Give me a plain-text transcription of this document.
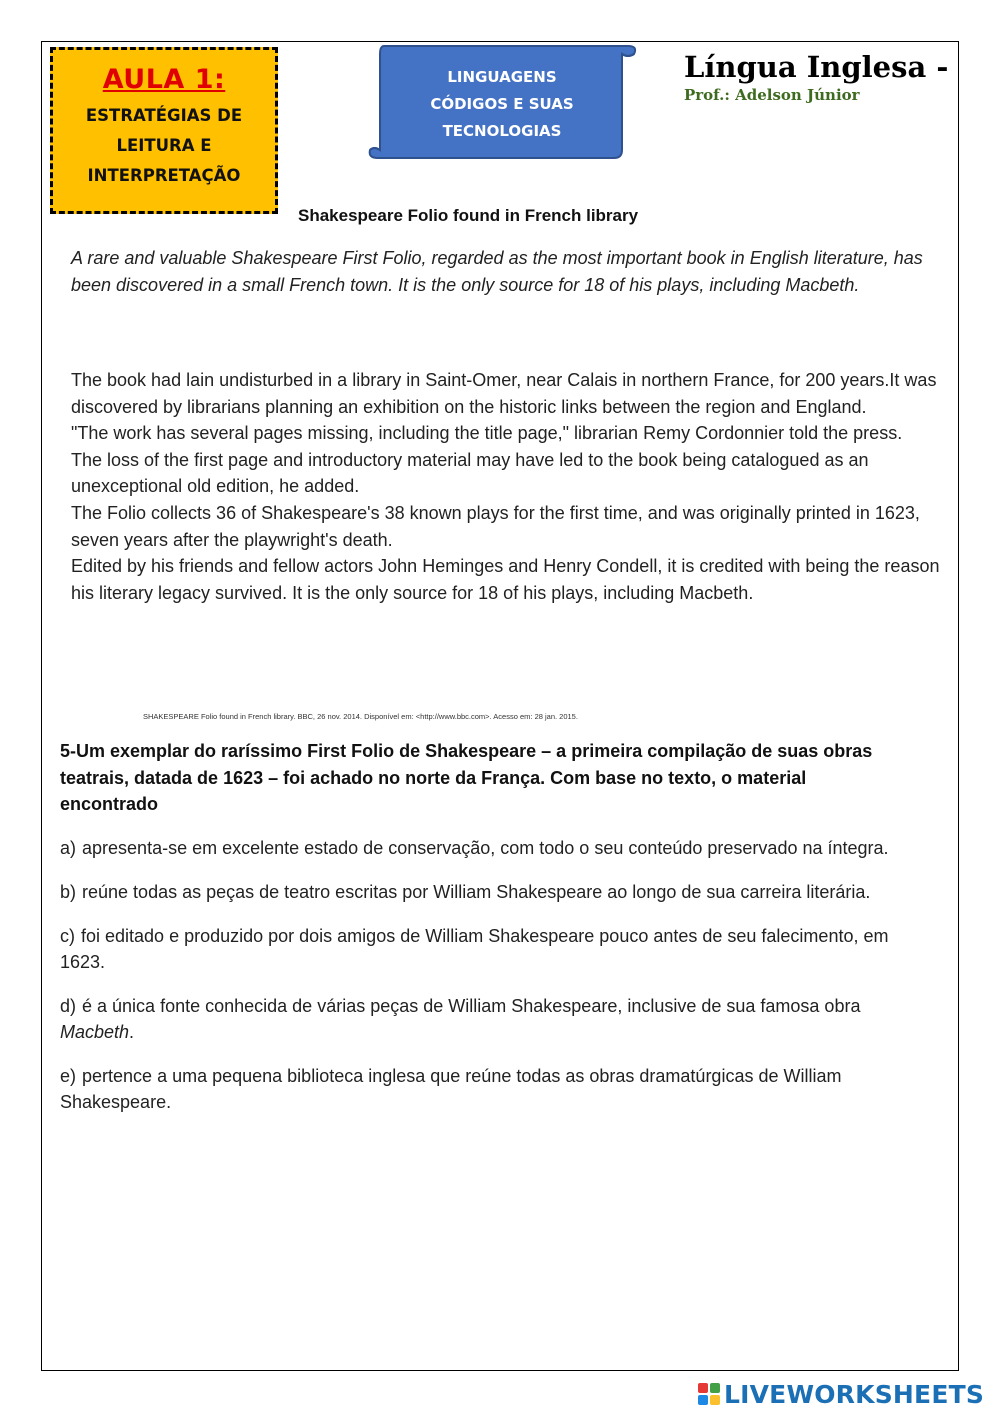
AULA 1:
ESTRATÉGIAS DE
LEITURA E
INTERPRETAÇÃO
LINGUAGENS
CÓDIGOS E SUAS
TECNOLOGIAS
Língua Inglesa -
Prof.: Adelson Júnior
Shakespeare Folio found in French library
A rare and valuable Shakespeare First Folio, regarded as the most important book in English literature, has been discovered in a small French town. It is the only source for 18 of his plays, including Macbeth.

The book had lain undisturbed in a library in Saint-Omer, near Calais in northern France, for 200 years.It was discovered by librarians planning an exhibition on the historic links between the region and England.

"The work has several pages missing, including the title page," librarian Remy Cordonnier told the press.

The loss of the first page and introductory material may have led to the book being catalogued as an unexceptional old edition, he added.

The Folio collects 36 of Shakespeare's 38 known plays for the first time, and was originally printed in 1623, seven years after the playwright's death.

Edited by his friends and fellow actors John Heminges and Henry Condell, it is credited with being the reason his literary legacy survived. It is the only source for 18 of his plays, including Macbeth.

SHAKESPEARE Folio found in French library. BBC, 26 nov. 2014. Disponível em: <http://www.bbc.com>. Acesso em: 28 jan. 2015.
5-Um exemplar do raríssimo First Folio de Shakespeare – a primeira compilação de suas obras teatrais, datada de 1623 – foi achado no norte da França. Com base no texto, o material encontrado
a) apresenta-se em excelente estado de conservação, com todo o seu conteúdo preservado na íntegra.
b) reúne todas as peças de teatro escritas por William Shakespeare ao longo de sua carreira literária.
c) foi editado e produzido por dois amigos de William Shakespeare pouco antes de seu falecimento, em 1623.
d) é a única fonte conhecida de várias peças de William Shakespeare, inclusive de sua famosa obra Macbeth.
e) pertence a uma pequena biblioteca inglesa que reúne todas as obras dramatúrgicas de William Shakespeare.
LIVEWORKSHEETS
